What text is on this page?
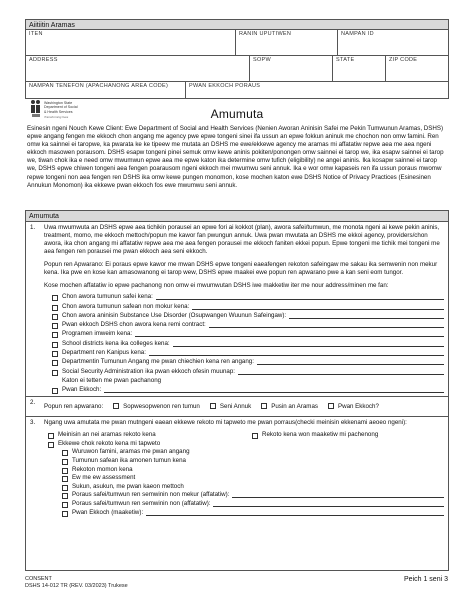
Aiitiitin Aramas
ITEN	RANIN UPUTIWEN	NAMPAN ID
ADDRESS	SOPW	STATE	ZIP CODE
NAMPAN TENEFON (APACHANONG AREA CODE)	PWAN EKKOCH PORAUS
Washington State
Department of Social
& Health Services
Transforming lives	Amumuta
Esinesin ngeni Nouch Kewe Client: Ewe Department of Social and Health Services (Nenien Aworan Aninisin Safei me Pekin Tumwunun Aramas, DSHS) epwe angang fengen me ekkoch chon angang me agency pwe epwe tongeni sinei ifa ussun an epwe fokkun aninuk me chochon non omw famini. Ren omw ka sainnei ei taropwe, ka pwarata ke ke tipeew me mutata an DSHS me ewe/ekkewe agency me aramas mi affatatiw repwe aea me aea ngeni ekkoch masowen porausom. DSHS esapw tongeni pinei semuk omw kewe aninis pokiten/ponongen omw sainnei ei tarop we, ika esapw sainnei ei tarop we, tiwan chok ika e need omw mwumwun epwe aea me epwe katon ika determine omw tufich (eligibility) ne angei aninis. Ika kosapw sainnei ei tarop we, DSHS epwe chiwen tongeni aea fengen poarausom ngeni ekkoch mei mwumwu seni annuk. Ika e wor omw kapaseis ren ifa ussun poraus mwomw repwe tongeni non aea fengen ren DSHS ika omw kewe pungen monomon, kose mochen katon ewe DSHS Notice of Privacy Practices (Esinesinen Annukun Monomon) ika ekkewe pwan ekkoch fos ewe mwumwu seni annuk.
Amumuta
1.	Uwa mwumwuta an DSHS epwe aea tichikin porausei an epwe fori ai kokkot (plan), awora safei/tumwun, me monota ngeni ai kewe pekin aninis, treatment, momo, me ekkoch mettoch/popun me kawor fan pwungun annuk. Uwa pwan mwutata an DSHS me ekkoi agency, providers/chon awora, ika chon angang mi affatatiw repwe aea me aea fengen porausei me ekkoch faniten ekkei popun. Epwe tongeni me tichik mei tongeni me aea fengen ren porausei me pwan ekkoch aea seni ekkoch.
Popun ren Apwarano: Ei poraus epwe kawor me mwan DSHS epwe tongeni eaeafengen rekoton safeingaw me sakau ika semwenin non mekur kena. Ika pwe en kose kan amasowanong ei tarop wew, DSHS epwe maakei ewe popun ren apwarano pwe a kan seni eom tungor.
Kose mochen affatatiw io epwe pachanong non omw ei mwumwutan DSHS iwe makketiw iter me nour address/minen me fan:
Chon awora tumunun safei kena:
Chon awora tumunun safean non mokur kena:
Chon awora aninisin Substance Use Disorder (Osupwangen Wuunun Safeingaw):
Pwan ekkoch DSHS chon awora kena remi contract:
Programen imweim kena:
School districts kena ika colleges kena:
Department ren Kanipus kena:
Departmentin Tumunun Angang me pwan chiechien kena ren angang:
Social Security Administration ika pwan ekkoch ofesin muunap:
Katon ei tetten me pwan pachanong
Pwan Ekkoch:
2.	Popun ren apwarano:	Sopwesopwenon ren tumun	Seni Annuk	Pusin an Aramas	Pwan Ekkoch?
3.	Ngang uwa amutata me pwan mutngeni eaean ekkewe rekoto mi tapweto me pwan porraus(checki meinisin ekkenami aeoeo ngeni):
Meinisin an nei aramas rekoto kena
Ekkewe chok rekoto kena mi tapweto
Rekoto kena won maaketiw mi pachenong
Wuruwon famini, aramas me pwan angang
Tumunun safean ika amonen tumun kena
Rekoton momon kena
Ew me ew assessment
Sukun, asukun, me pwan kaeon mettoch
Poraus safei/tumwun ren semwinin non mekur (affatatiw):
Poraus safei/tumwun ren semwinin non (affatatiw):
Pwan Ekkoch (maaketiw):
CONSENT
DSHS 14-012 TR (REV. 03/2023) Trukese
Peich 1 seni 3
